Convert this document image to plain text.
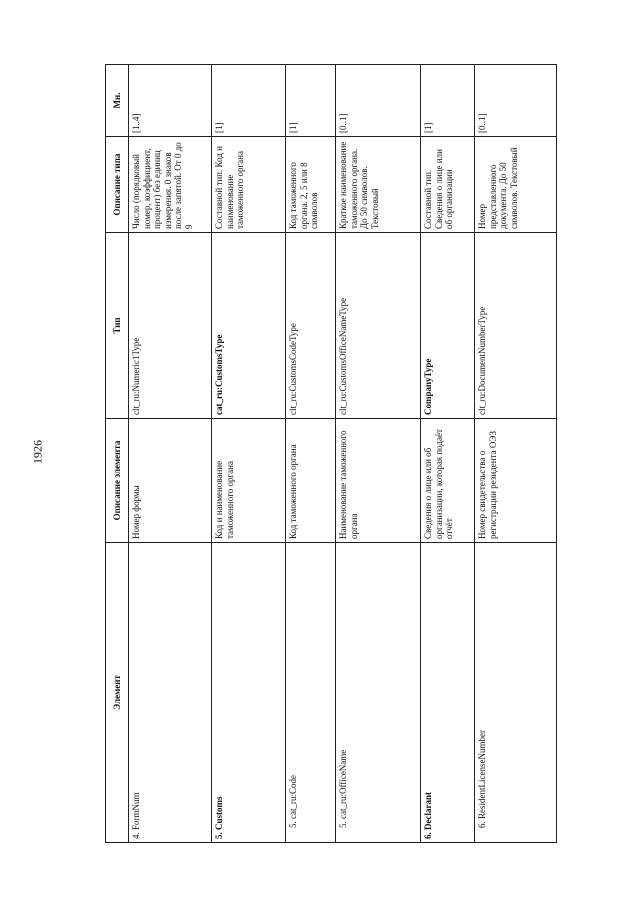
1926
Элемент	Описание элемента	Тип	Описание типа	Мн.
4. FormNum	Номер формы	clt_ru:Numeric1Type	Число (порядковый номер, коэффициент, процент) без единиц измерения. 0 знаков после запятой. От 0 до 9	[1..4]
5. Customs	Код и наименование таможенного органа	cat_ru:CustomsType	Составной тип. Код и наименование таможенного органа	[1]
5. cat_ru:Code	Код таможенного органа	clt_ru:CustomsCodeType	Код таможенного органа. 2, 5 или 8 символов	[1]
5. cat_ru:OfficeName	Наименование таможенного органа	clt_ru:CustomsOfficeNameType	Краткое наименование таможенного органа. До 50 символов. Текстовый	[0..1]
6. Declarant	Сведения о лице или об организации, которая подаёт отчёт	CompanyType	Составной тип. Сведения о лице или об организации	[1]
6. ResidentLicenseNumber	Номер свидетельства о регистрации резидента ОЭЗ	clt_ru:DocumentNumberType	Номер представленного документа. До 50 символов. Текстовый	[0..1]
